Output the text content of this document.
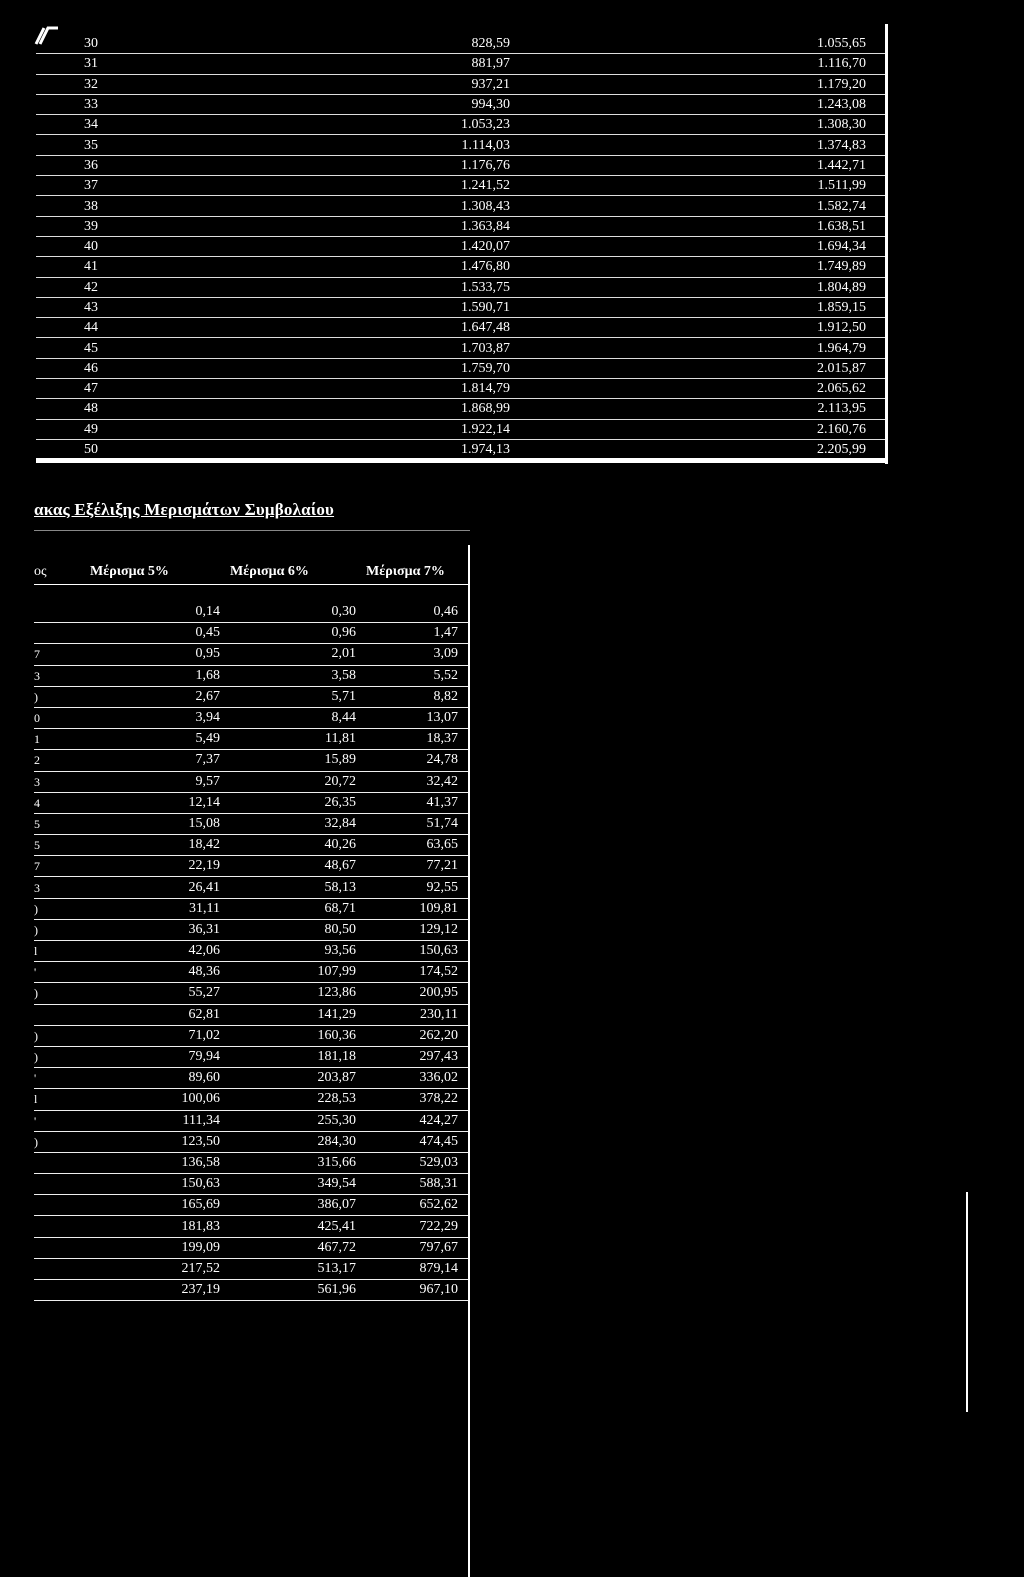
30	828,59	1.055,65
31	881,97	1.116,70
32	937,21	1.179,20
33	994,30	1.243,08
34	1.053,23	1.308,30
35	1.114,03	1.374,83
36	1.176,76	1.442,71
37	1.241,52	1.511,99
38	1.308,43	1.582,74
39	1.363,84	1.638,51
40	1.420,07	1.694,34
41	1.476,80	1.749,89
42	1.533,75	1.804,89
43	1.590,71	1.859,15
44	1.647,48	1.912,50
45	1.703,87	1.964,79
46	1.759,70	2.015,87
47	1.814,79	2.065,62
48	1.868,99	2.113,95
49	1.922,14	2.160,76
50	1.974,13	2.205,99
ακας Εξέλιξης Μερισμάτων Συμβολαίου
ος	Μέρισμα 5%	Μέρισμα 6%	Μέρισμα 7%
	0,14	0,30	0,46
	0,45	0,96	1,47
7	0,95	2,01	3,09
3	1,68	3,58	5,52
)	2,67	5,71	8,82
0	3,94	8,44	13,07
1	5,49	11,81	18,37
2	7,37	15,89	24,78
3	9,57	20,72	32,42
4	12,14	26,35	41,37
5	15,08	32,84	51,74
5	18,42	40,26	63,65
7	22,19	48,67	77,21
3	26,41	58,13	92,55
)	31,11	68,71	109,81
)	36,31	80,50	129,12
l	42,06	93,56	150,63
'	48,36	107,99	174,52
)	55,27	123,86	200,95
	62,81	141,29	230,11
)	71,02	160,36	262,20
)	79,94	181,18	297,43
'	89,60	203,87	336,02
l	100,06	228,53	378,22
'	111,34	255,30	424,27
)	123,50	284,30	474,45
	136,58	315,66	529,03
	150,63	349,54	588,31
	165,69	386,07	652,62
	181,83	425,41	722,29
	199,09	467,72	797,67
	217,52	513,17	879,14
	237,19	561,96	967,10
